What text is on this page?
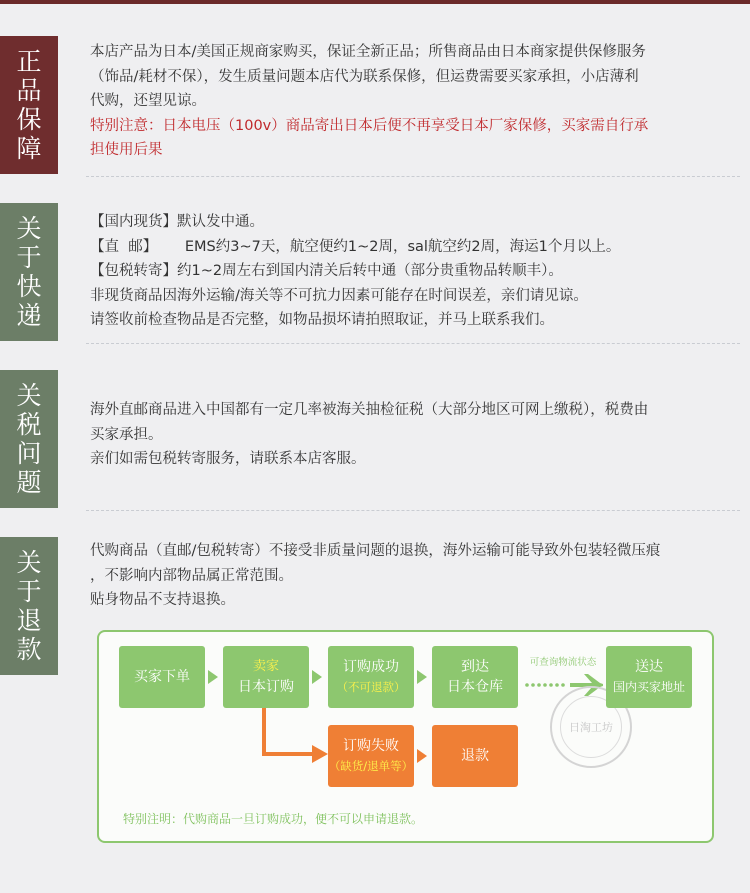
正
品
保
障

本店产品为日本/美国正规商家购买，保证全新正品；所售商品由日本商家提供保修服务

（饰品/耗材不保），发生质量问题本店代为联系保修，但运费需要买家承担，小店薄利

代购，还望见谅。

特别注意：日本电压（100v）商品寄出日本后便不再享受日本厂家保修，买家需自行承

担使用后果

关
于
快
递

【国内现货】默认发中通。

【直  邮】      EMS约3~7天，航空便约1~2周，sal航空约2周，海运1个月以上。

【包税转寄】约1~2周左右到国内清关后转中通（部分贵重物品转顺丰）。

非现货商品因海外运输/海关等不可抗力因素可能存在时间误差，亲们请见谅。

请签收前检查物品是否完整，如物品损坏请拍照取证，并马上联系我们。

关
税
问
题

海外直邮商品进入中国都有一定几率被海关抽检征税（大部分地区可网上缴税），税费由

买家承担。

亲们如需包税转寄服务，请联系本店客服。

关
于
退
款

代购商品（直邮/包税转寄）不接受非质量问题的退换，海外运输可能导致外包装轻微压痕

，不影响内部物品属正常范围。

贴身物品不支持退换。

买家下单
卖家
日本订购
订购成功
（不可退款）
到达
日本仓库
可查询物流状态
日淘工坊
送达
国内买家地址
订购失败
（缺货/退单等）
退款
特别注明：代购商品一旦订购成功，便不可以申请退款。
